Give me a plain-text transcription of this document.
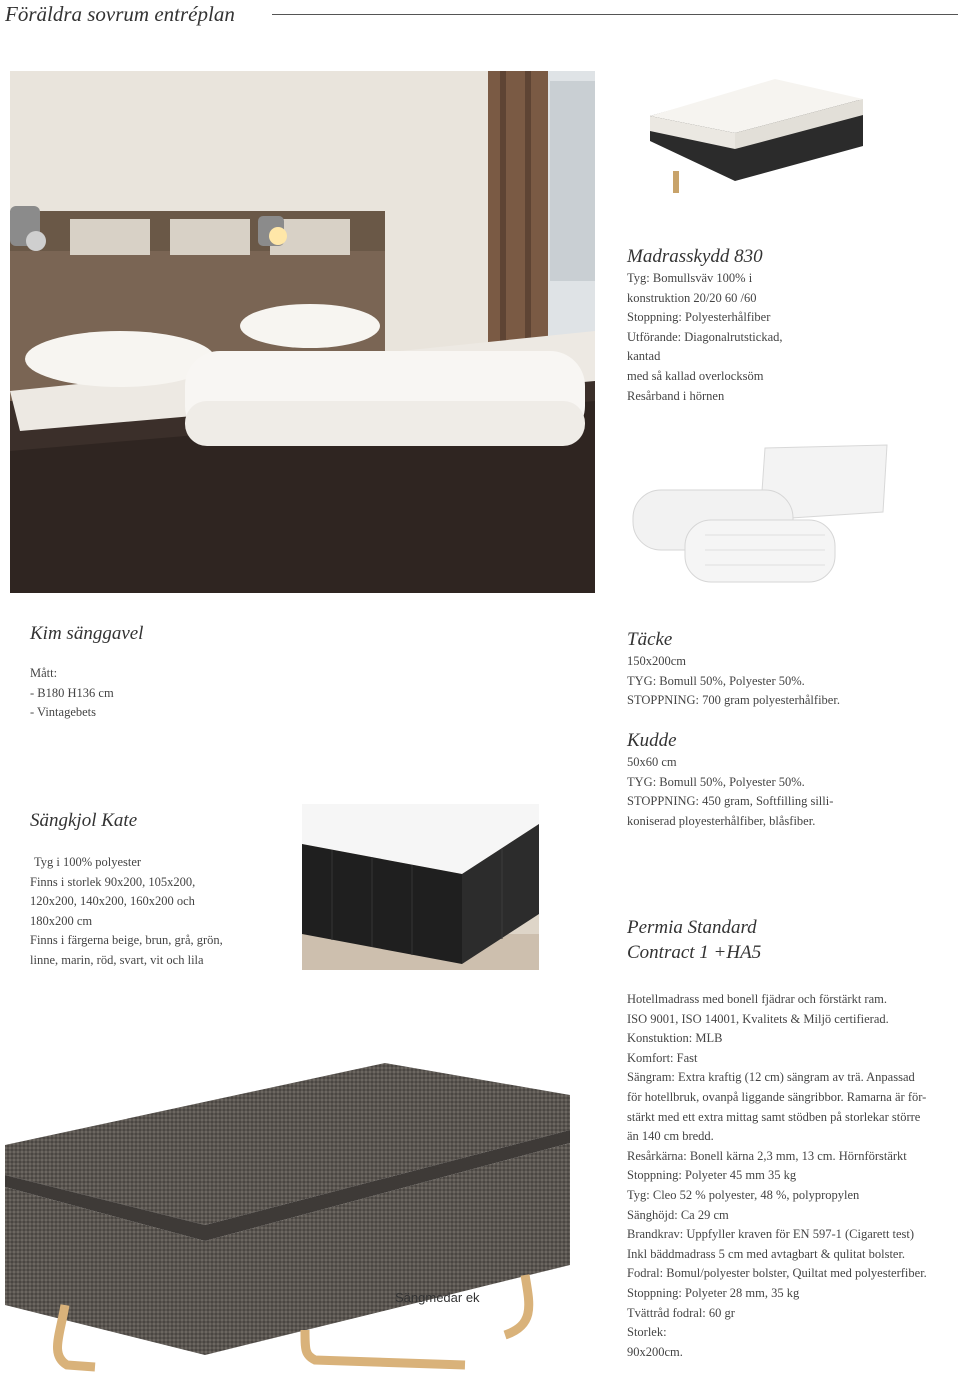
Föräldra sovrum entréplan
Madrasskydd 830
Tyg: Bomullsväv 100% i
konstruktion 20/20 60 /60
Stoppning: Polyesterhålfiber
Utförande: Diagonalrutstickad,
kantad
med så kallad overlocksöm
Resårband i hörnen
Kim sänggavel
Mått:
- B180 H136 cm
- Vintagebets
Täcke
150x200cm
TYG: Bomull 50%, Polyester 50%.
STOPPNING: 700 gram polyesterhålfiber.
Kudde
50x60 cm
TYG: Bomull 50%, Polyester 50%.
STOPPNING: 450 gram, Softfilling silli-
koniserad ployesterhålfiber, blåsfiber.
Sängkjol Kate
Tyg i 100% polyester
Finns i storlek 90x200, 105x200,
120x200, 140x200, 160x200 och
180x200 cm
Finns i färgerna beige, brun, grå, grön,
linne, marin, röd, svart, vit och lila
Permia Standard
Contract 1 +HA5
Hotellmadrass med bonell fjädrar och förstärkt ram.
ISO 9001, ISO 14001, Kvalitets & Miljö certifierad.
Konstuktion: MLB
Komfort: Fast
Sängram: Extra kraftig (12 cm) sängram av trä. Anpassad
för hotellbruk, ovanpå liggande sängribbor. Ramarna är för-
stärkt med ett extra mittag samt stödben på storlekar större
än 140 cm bredd.
Resårkärna: Bonell kärna 2,3 mm, 13 cm. Hörnförstärkt
Stoppning: Polyeter 45 mm 35 kg
Tyg: Cleo 52 % polyester, 48 %, polypropylen
Sänghöjd: Ca 29 cm
Brandkrav: Uppfyller kraven för EN 597-1 (Cigarett test)
Inkl bäddmadrass 5 cm med avtagbart & qulitat bolster.
Fodral: Bomul/polyester bolster, Quiltat med polyesterfiber.
Stoppning: Polyeter 28 mm, 35 kg
Tvättråd fodral: 60 gr
Storlek:
90x200cm.
Sängmedar ek
